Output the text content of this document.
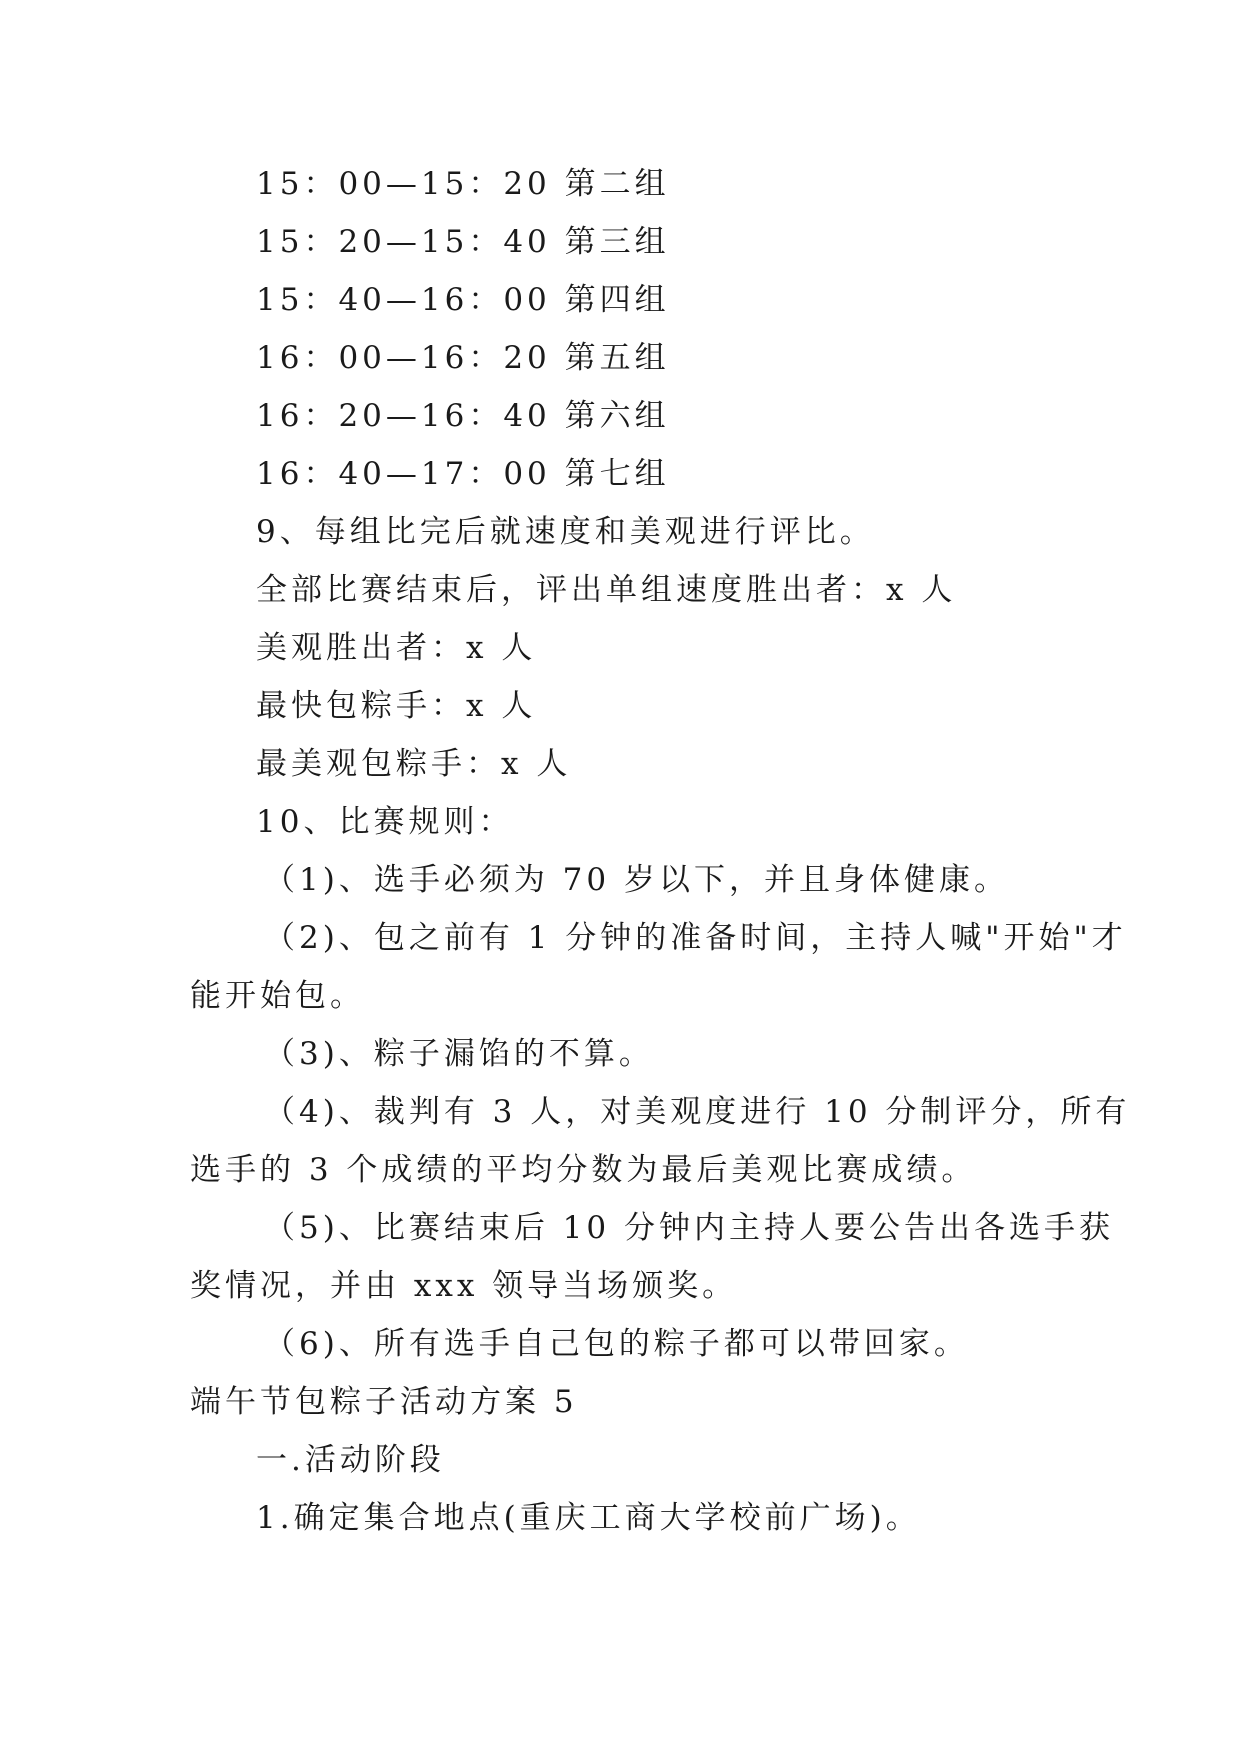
15：00—15：20 第二组
15：20—15：40 第三组
15：40—16：00 第四组
16：00—16：20 第五组
16：20—16：40 第六组
16：40—17：00 第七组
9、每组比完后就速度和美观进行评比。
全部比赛结束后，评出单组速度胜出者：x 人
美观胜出者：x 人
最快包粽手：x 人
最美观包粽手：x 人
10、比赛规则：
（1)、选手必须为 70 岁以下，并且身体健康。
（2)、包之前有 1 分钟的准备时间，主持人喊"开始"才
能开始包。
（3)、粽子漏馅的不算。
（4)、裁判有 3 人，对美观度进行 10 分制评分，所有
选手的 3 个成绩的平均分数为最后美观比赛成绩。
（5)、比赛结束后 10 分钟内主持人要公告出各选手获
奖情况，并由 xxx 领导当场颁奖。
（6)、所有选手自己包的粽子都可以带回家。
端午节包粽子活动方案 5
一.活动阶段
1.确定集合地点(重庆工商大学校前广场)。
